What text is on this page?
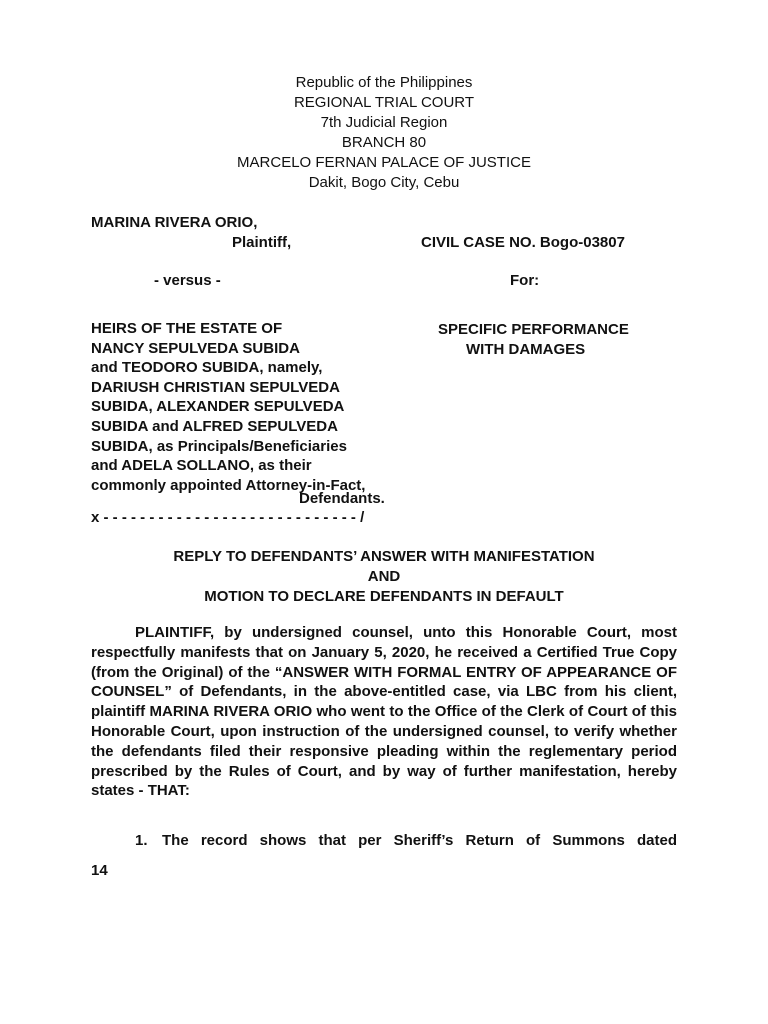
Republic of the Philippines
REGIONAL TRIAL COURT
7th Judicial Region
BRANCH 80
MARCELO FERNAN PALACE OF JUSTICE
Dakit, Bogo City, Cebu
MARINA RIVERA ORIO,
Plaintiff,	CIVIL CASE NO. Bogo-03807
- versus -	For:
HEIRS OF THE ESTATE OF
NANCY SEPULVEDA SUBIDA
and TEODORO SUBIDA, namely,
DARIUSH CHRISTIAN SEPULVEDA
SUBIDA, ALEXANDER SEPULVEDA
SUBIDA and ALFRED SEPULVEDA
SUBIDA, as Principals/Beneficiaries
and ADELA SOLLANO, as their
commonly appointed Attorney-in-Fact,
Defendants.
x - - - - - - - - - - - - - - - - - - - - - - - - - - - - /
SPECIFIC PERFORMANCE
WITH DAMAGES
REPLY TO DEFENDANTS’ ANSWER WITH MANIFESTATION
AND
MOTION TO DECLARE DEFENDANTS IN DEFAULT
PLAINTIFF, by undersigned counsel, unto this Honorable Court, most respectfully manifests that on January 5, 2020, he received a Certified True Copy (from the Original) of the “ANSWER WITH FORMAL ENTRY OF APPEARANCE OF COUNSEL” of Defendants, in the above-entitled case, via LBC from his client, plaintiff MARINA RIVERA ORIO who went to the Office of the Clerk of Court of this Honorable Court, upon instruction of the undersigned counsel, to verify whether the defendants filed their responsive pleading within the reglementary period prescribed by the Rules of Court, and by way of further manifestation, hereby states - THAT:
1. The record shows that per Sheriff’s Return of Summons dated
14
